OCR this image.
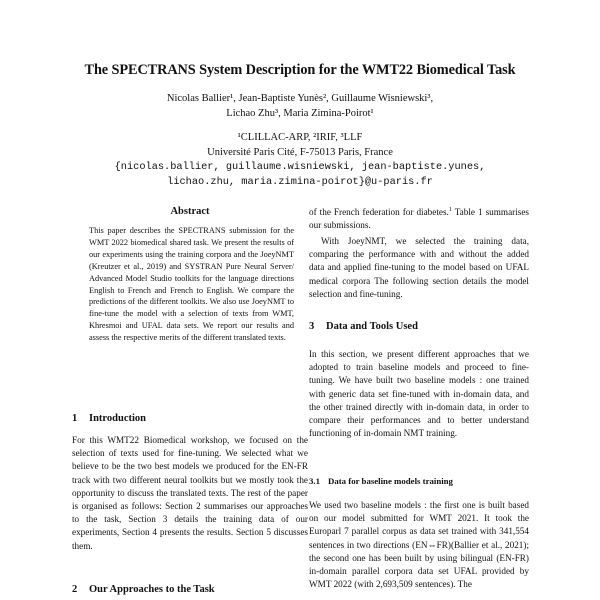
The SPECTRANS System Description for the WMT22 Biomedical Task
Nicolas Ballier¹, Jean-Baptiste Yunès², Guillaume Wisniewski³,
Lichao Zhu³, Maria Zimina-Poirot¹
¹CLILLAC-ARP, ²IRIF, ³LLF
Université Paris Cité, F-75013 Paris, France
{nicolas.ballier, guillaume.wisniewski, jean-baptiste.yunes,
lichao.zhu, maria.zimina-poirot}@u-paris.fr
Abstract
This paper describes the SPECTRANS submission for the WMT 2022 biomedical shared task. We present the results of our experiments using the training corpora and the JoeyNMT (Kreutzer et al., 2019) and SYSTRAN Pure Neural Server/ Advanced Model Studio toolkits for the language directions English to French and French to English. We compare the predictions of the different toolkits. We also use JoeyNMT to fine-tune the model with a selection of texts from WMT, Khresmoi and UFAL data sets. We report our results and assess the respective merits of the different translated texts.
1 Introduction
For this WMT22 Biomedical workshop, we focused on the selection of texts used for fine-tuning. We selected what we believe to be the two best models we produced for the EN-FR track with two different neural toolkits but we mostly took the opportunity to discuss the translated texts. The rest of the paper is organised as follows: Section 2 summarises our approaches to the task, Section 3 details the training data of our experiments, Section 4 presents the results. Section 5 discusses them.
2 Our Approaches to the Task
of the French federation for diabetes.$^1$ Table 1 summarises our submissions.
With JoeyNMT, we selected the training data, comparing the performance with and without the added data and applied fine-tuning to the model based on UFAL medical corpora The following section details the model selection and fine-tuning.
3 Data and Tools Used
In this section, we present different approaches that we adopted to train baseline models and proceed to fine-tuning. We have built two baseline models : one trained with generic data set fine-tuned with in-domain data, and the other trained directly with in-domain data, in order to compare their performances and to better understand functioning of in-domain NMT training.
3.1 Data for baseline models training
We used two baseline models : the first one is built based on our model submitted for WMT 2021. It took the Europarl 7 parallel corpus as data set trained with 341,554 sentences in two directions (EN⇔FR)(Ballier et al., 2021); the second one has been built by using bilingual (EN-FR) in-domain parallel corpora data set UFAL provided by WMT 2022 (with 2,693,509 sentences). The
